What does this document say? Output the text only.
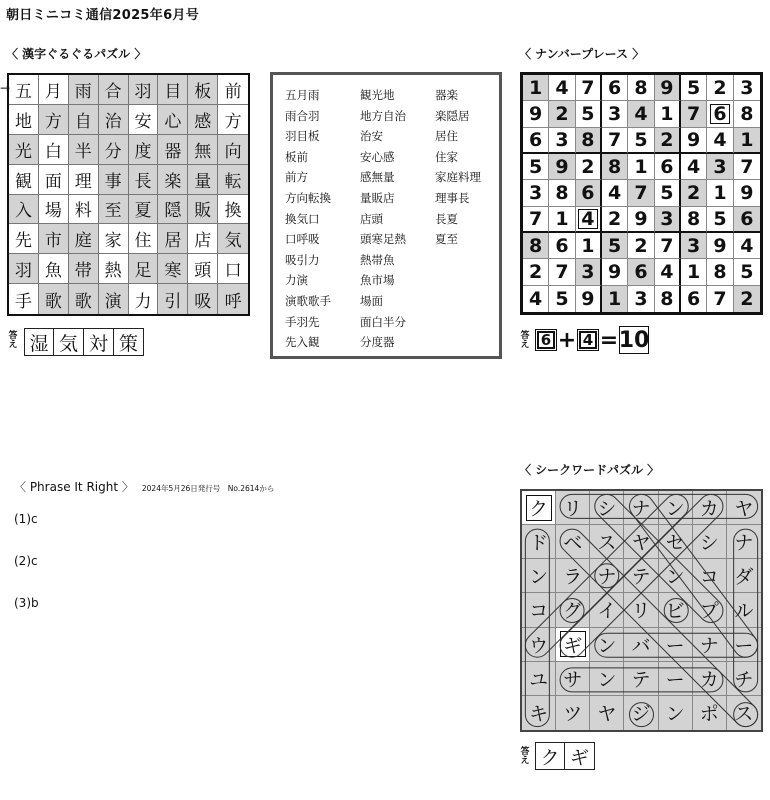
朝日ミニコミ通信2025年6月号
〈 漢字ぐるぐるパズル 〉
→ 五 月 雨 合 羽 目 板 前
地 方 自 治 安 心 感 方
光 白 半 分 度 器 無 向
観 面 理 事 長 楽 量 転
入 場 料 至 夏 隠 販 換
先 市 庭 家 住 居 店 気
羽 魚 帯 熱 足 寒 頭 口
手 歌 歌 演 力 引 吸 呼
答
え 湿 気 対 策
五月雨
雨合羽
羽目板
板前
前方
方向転換
換気口
口呼吸
吸引力
力演
演歌歌手
手羽先
先入観
観光地
地方自治
治安
安心感
感無量
量販店
店頭
頭寒足熱
熱帯魚
魚市場
場面
面白半分
分度器
器楽
楽隠居
居住
住家
家庭料理
理事長
長夏
夏至
〈 ナンバープレース 〉
1 4 7 6 8 9 5 2 3
9 2 5 3 4 1 7 6 8
6 3 8 7 5 2 9 4 1
5 9 2 8 1 6 4 3 7
3 8 6 4 7 5 2 1 9
7 1 4 2 9 3 8 5 6
8 6 1 5 2 7 3 9 4
2 7 3 9 6 4 1 8 5
4 5 9 1 3 8 6 7 2
答
え 6 + 4 = 10
〈 Phrase It Right 〉 2024年5月26日発行号　No.2614から
(1)c
(2)c
(3)b
〈 シークワードパズル 〉
ク リ シ ナ ン カ ヤ
ド ベ ス ヤ セ シ ナ
ン ラ ナ テ ン コ ダ
コ グ イ リ ビ プ ル
ウ ギ ン バ ー ナ ー
ユ サ ン テ ー カ チ
キ ツ ヤ ジ ン ポ ス
答
え ク ギ
